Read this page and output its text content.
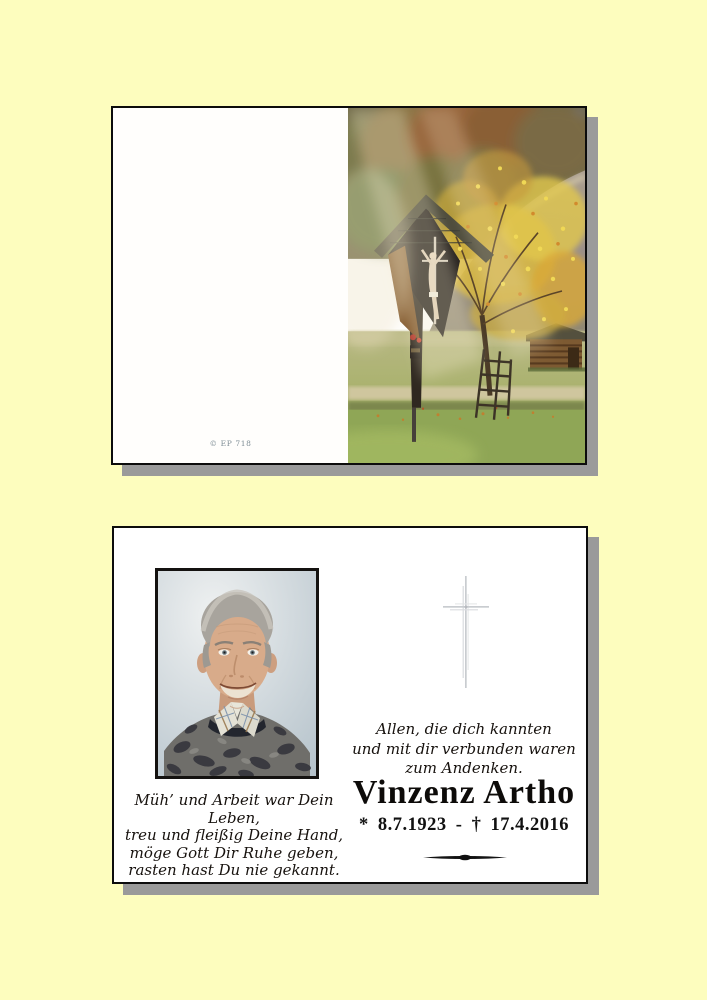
© EP 718
Allen, die dich kannten
und mit dir verbunden waren
zum Andenken.
Vinzenz Artho
* 8.7.1923 - † 17.4.2016
Müh’ und Arbeit war Dein Leben,
treu und fleißig Deine Hand,
möge Gott Dir Ruhe geben,
rasten hast Du nie gekannt.
